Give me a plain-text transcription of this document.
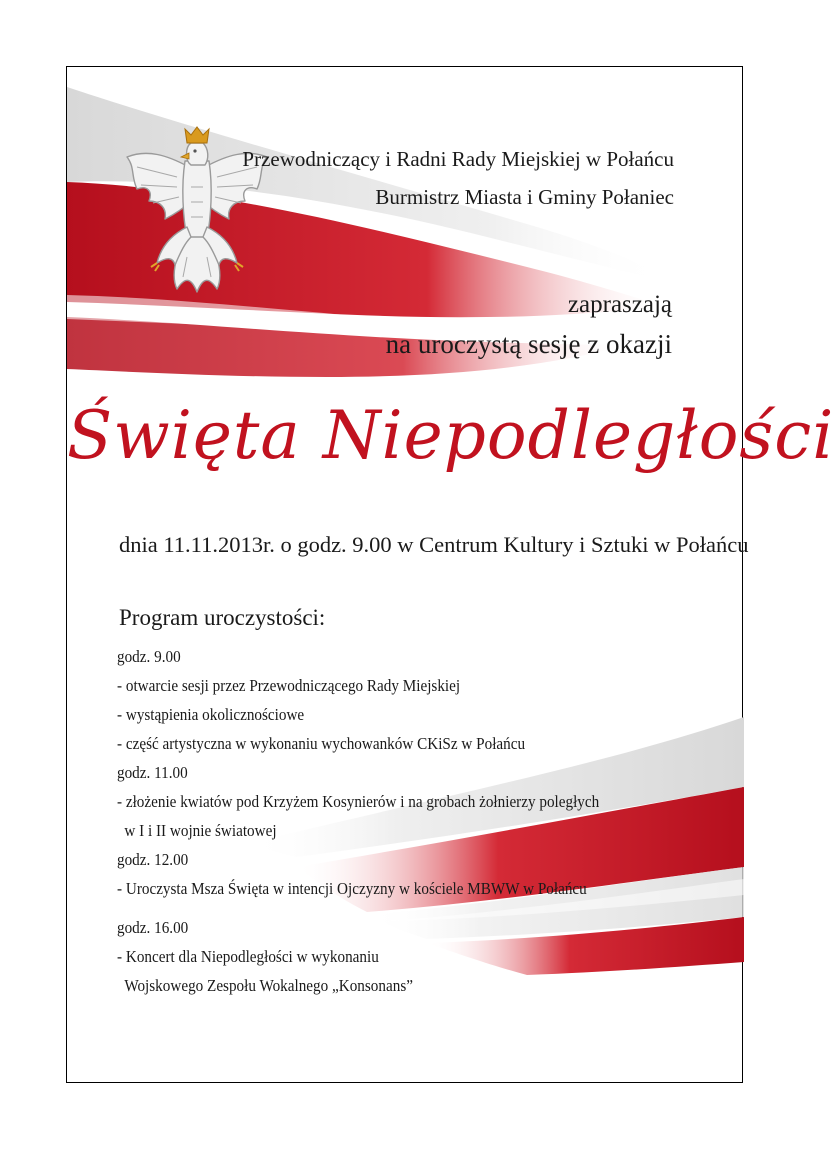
Przewodniczący i Radni Rady Miejskiej w Połańcu
Burmistrz Miasta i Gminy Połaniec
zapraszają
na uroczystą sesję z okazji
Święta Niepodległości
dnia 11.11.2013r. o godz. 9.00 w Centrum Kultury i Sztuki w Połańcu
Program uroczystości:
godz. 9.00
- otwarcie sesji przez Przewodniczącego Rady Miejskiej
- wystąpienia okolicznościowe
- część artystyczna w wykonaniu wychowanków CKiSz w Połańcu
godz. 11.00
- złożenie kwiatów pod Krzyżem Kosynierów i na grobach żołnierzy poległych
w I i II wojnie światowej
godz. 12.00
- Uroczysta Msza Święta w intencji Ojczyzny w kościele MBWW w Połańcu
godz. 16.00
- Koncert dla Niepodległości w wykonaniu
Wojskowego Zespołu Wokalnego „Konsonans”
